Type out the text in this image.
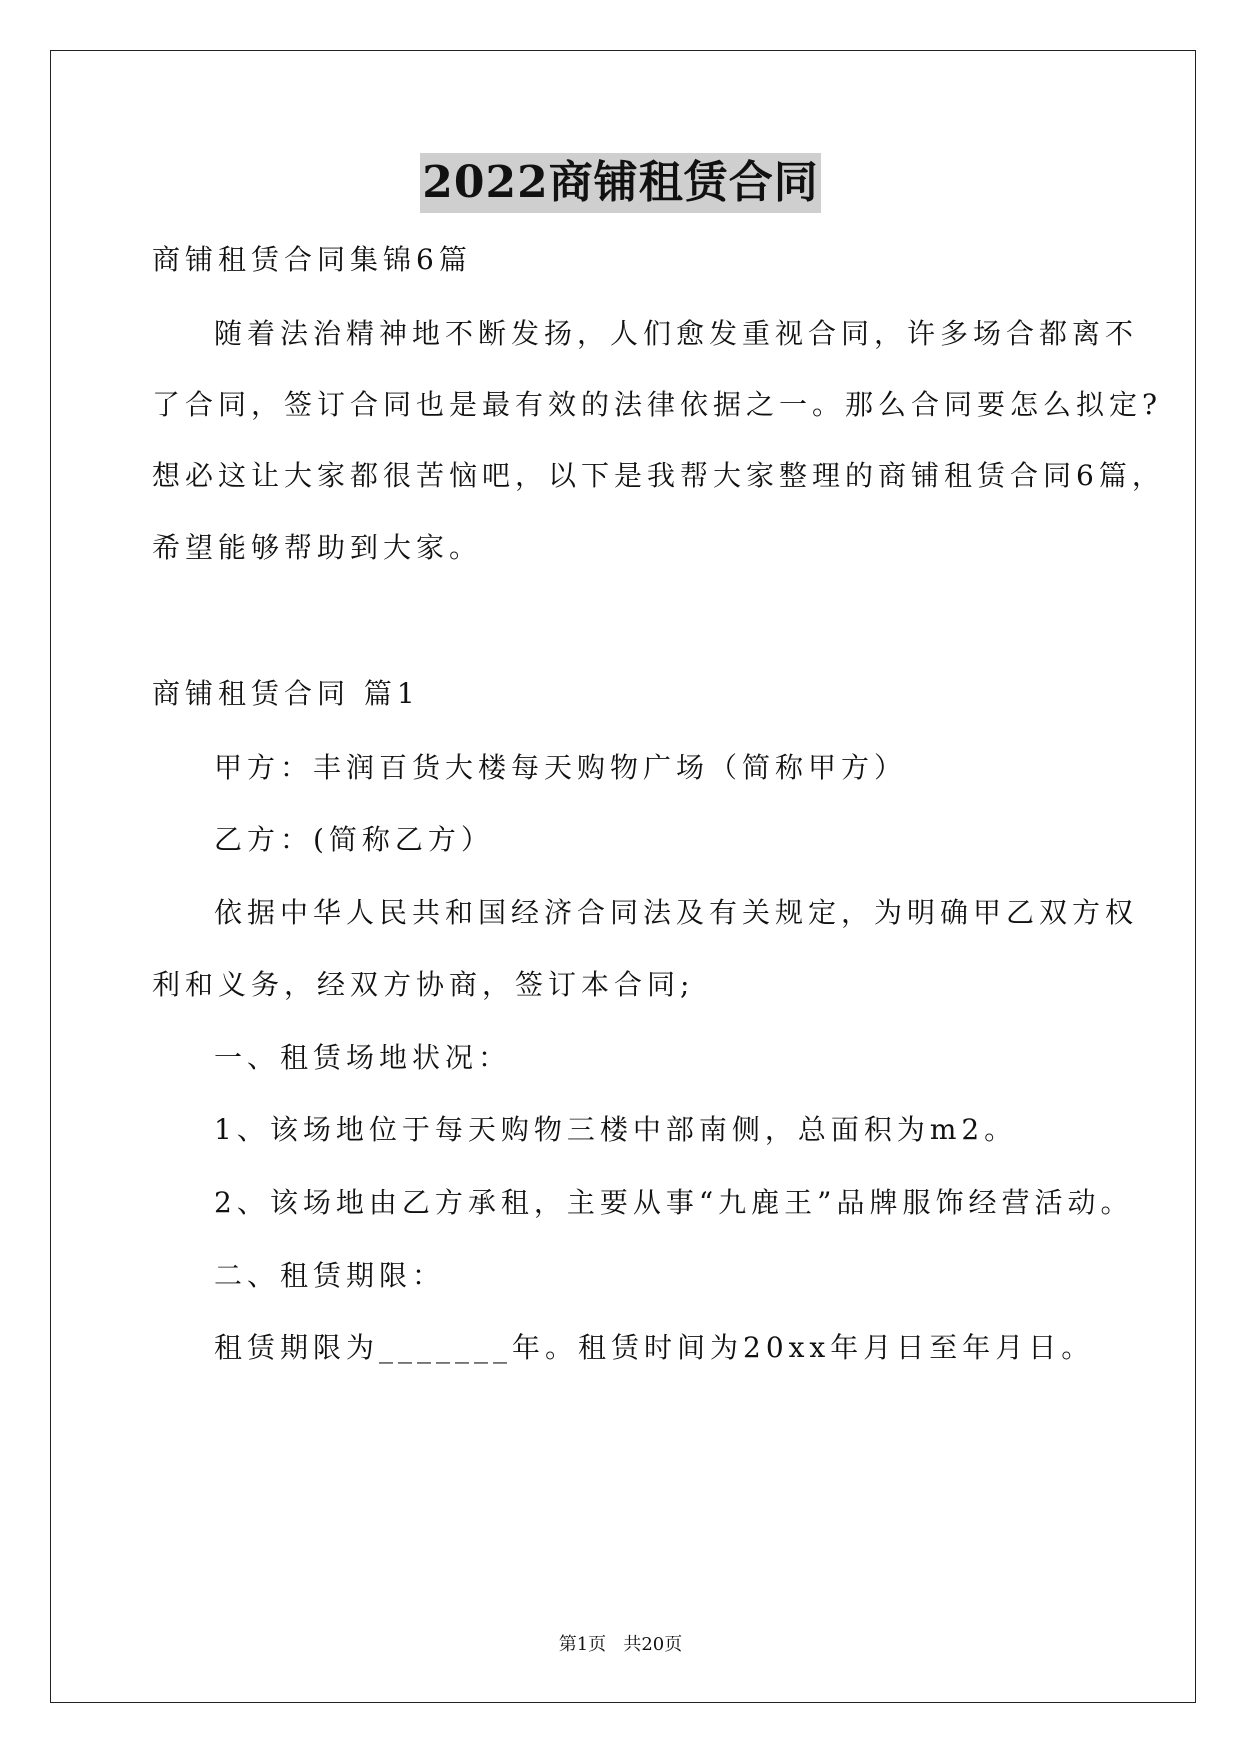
2022商铺租赁合同
商铺租赁合同集锦6篇
随着法治精神地不断发扬，人们愈发重视合同，许多场合都离不
了合同，签订合同也是最有效的法律依据之一。那么合同要怎么拟定?
想必这让大家都很苦恼吧，以下是我帮大家整理的商铺租赁合同6篇，
希望能够帮助到大家。
商铺租赁合同 篇1
甲方：丰润百货大楼每天购物广场（简称甲方）
乙方：(简称乙方）
依据中华人民共和国经济合同法及有关规定，为明确甲乙双方权
利和义务，经双方协商，签订本合同;
一、租赁场地状况：
1、该场地位于每天购物三楼中部南侧，总面积为m2。
2、该场地由乙方承租，主要从事“九鹿王”品牌服饰经营活动。
二、租赁期限：
租赁期限为_______年。租赁时间为20xx年月日至年月日。
第1页   共20页
